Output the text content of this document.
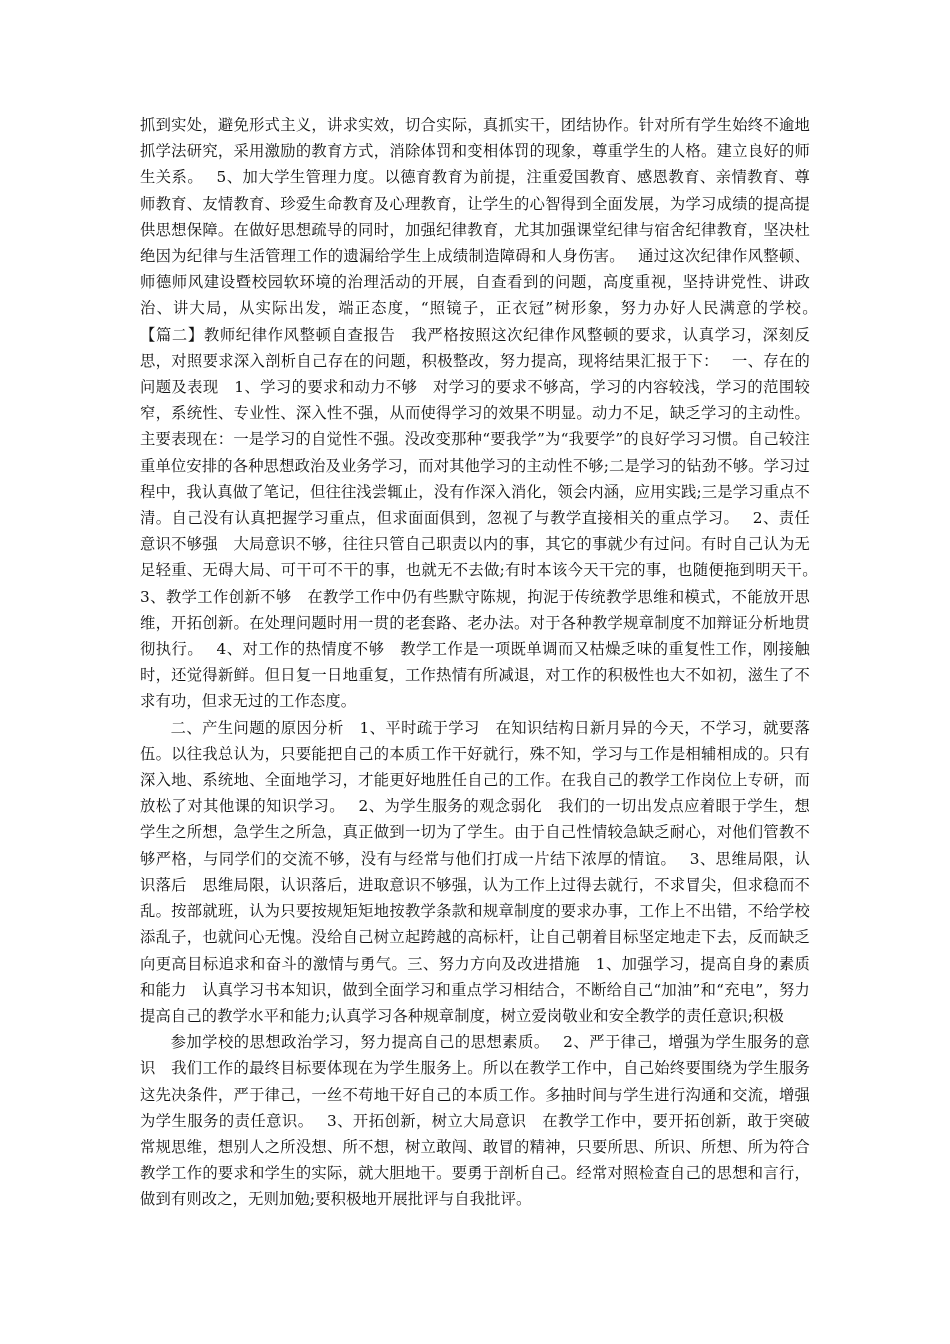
抓到实处，避免形式主义，讲求实效，切合实际，真抓实干，团结协作。针对所有学生始终不逾地抓学法研究，采用激励的教育方式，消除体罚和变相体罚的现象，尊重学生的人格。建立良好的师生关系。　 5、加大学生管理力度。以德育教育为前提，注重爱国教育、感恩教育、亲情教育、尊师教育、友情教育、珍爱生命教育及心理教育，让学生的心智得到全面发展，为学习成绩的提高提供思想保障。在做好思想疏导的同时，加强纪律教育，尤其加强课堂纪律与宿舍纪律教育，坚决杜绝因为纪律与生活管理工作的遗漏给学生上成绩制造障碍和人身伤害。　 通过这次纪律作风整顿、师德师风建设暨校园软环境的治理活动的开展，自查看到的问题，高度重视，坚持讲党性、讲政治、讲大局，从实际出发，端正态度，“照镜子，正衣冠”树形象，努力办好人民满意的学校。　 【篇二】教师纪律作风整顿自查报告　我严格按照这次纪律作风整顿的要求，认真学习，深刻反思，对照要求深入剖析自己存在的问题，积极整改，努力提高，现将结果汇报于下：　 一、存在的问题及表现　1、学习的要求和动力不够　对学习的要求不够高，学习的内容较浅，学习的范围较窄，系统性、专业性、深入性不强，从而使得学习的效果不明显。动力不足，缺乏学习的主动性。主要表现在：一是学习的自觉性不强。没改变那种“要我学”为“我要学”的良好学习习惯。自己较注重单位安排的各种思想政治及业务学习，而对其他学习的主动性不够;二是学习的钻劲不够。学习过程中，我认真做了笔记，但往往浅尝辄止，没有作深入消化，领会内涵，应用实践;三是学习重点不清。自己没有认真把握学习重点，但求面面俱到，忽视了与教学直接相关的重点学习。　 2、责任意识不够强　大局意识不够，往往只管自己职责以内的事，其它的事就少有过问。有时自己认为无足轻重、无碍大局、可干可不干的事，也就无不去做;有时本该今天干完的事，也随便拖到明天干。　 3、教学工作创新不够　在教学工作中仍有些默守陈规，拘泥于传统教学思维和模式，不能放开思维，开拓创新。在处理问题时用一贯的老套路、老办法。对于各种教学规章制度不加辩证分析地贯彻执行。　 4、对工作的热情度不够　教学工作是一项既单调而又枯燥乏味的重复性工作，刚接触时，还觉得新鲜。但日复一日地重复，工作热情有所减退，对工作的积极性也大不如初，滋生了不求有功，但求无过的工作态度。

二、产生问题的原因分析　1、平时疏于学习　在知识结构日新月异的今天，不学习，就要落伍。以往我总认为，只要能把自己的本质工作干好就行，殊不知，学习与工作是相辅相成的。只有深入地、系统地、全面地学习，才能更好地胜任自己的工作。在我自己的教学工作岗位上专研，而放松了对其他课的知识学习。　 2、为学生服务的观念弱化　我们的一切出发点应着眼于学生，想学生之所想，急学生之所急，真正做到一切为了学生。由于自己性情较急缺乏耐心，对他们管教不够严格，与同学们的交流不够，没有与经常与他们打成一片结下浓厚的情谊。　 3、思维局限，认识落后　思维局限，认识落后，进取意识不够强，认为工作上过得去就行，不求冒尖，但求稳而不乱。按部就班，认为只要按规矩矩地按教学条款和规章制度的要求办事，工作上不出错，不给学校添乱子，也就问心无愧。没给自己树立起跨越的高标杆，让自己朝着目标坚定地走下去，反而缺乏向更高目标追求和奋斗的激情与勇气。三、努力方向及改进措施　1、加强学习，提高自身的素质和能力　认真学习书本知识，做到全面学习和重点学习相结合，不断给自己“加油”和“充电”，努力提高自己的教学水平和能力;认真学习各种规章制度，树立爱岗敬业和安全教学的责任意识;积极

参加学校的思想政治学习，努力提高自己的思想素质。　 2、严于律己，增强为学生服务的意识　我们工作的最终目标要体现在为学生服务上。所以在教学工作中，自己始终要围绕为学生服务这先决条件，严于律己，一丝不苟地干好自己的本质工作。多抽时间与学生进行沟通和交流，增强为学生服务的责任意识。　 3、开拓创新，树立大局意识　在教学工作中，要开拓创新，敢于突破常规思维，想别人之所没想、所不想，树立敢闯、敢冒的精神，只要所思、所识、所想、所为符合教学工作的要求和学生的实际，就大胆地干。要勇于剖析自己。经常对照检查自己的思想和言行，做到有则改之，无则加勉;要积极地开展批评与自我批评。
